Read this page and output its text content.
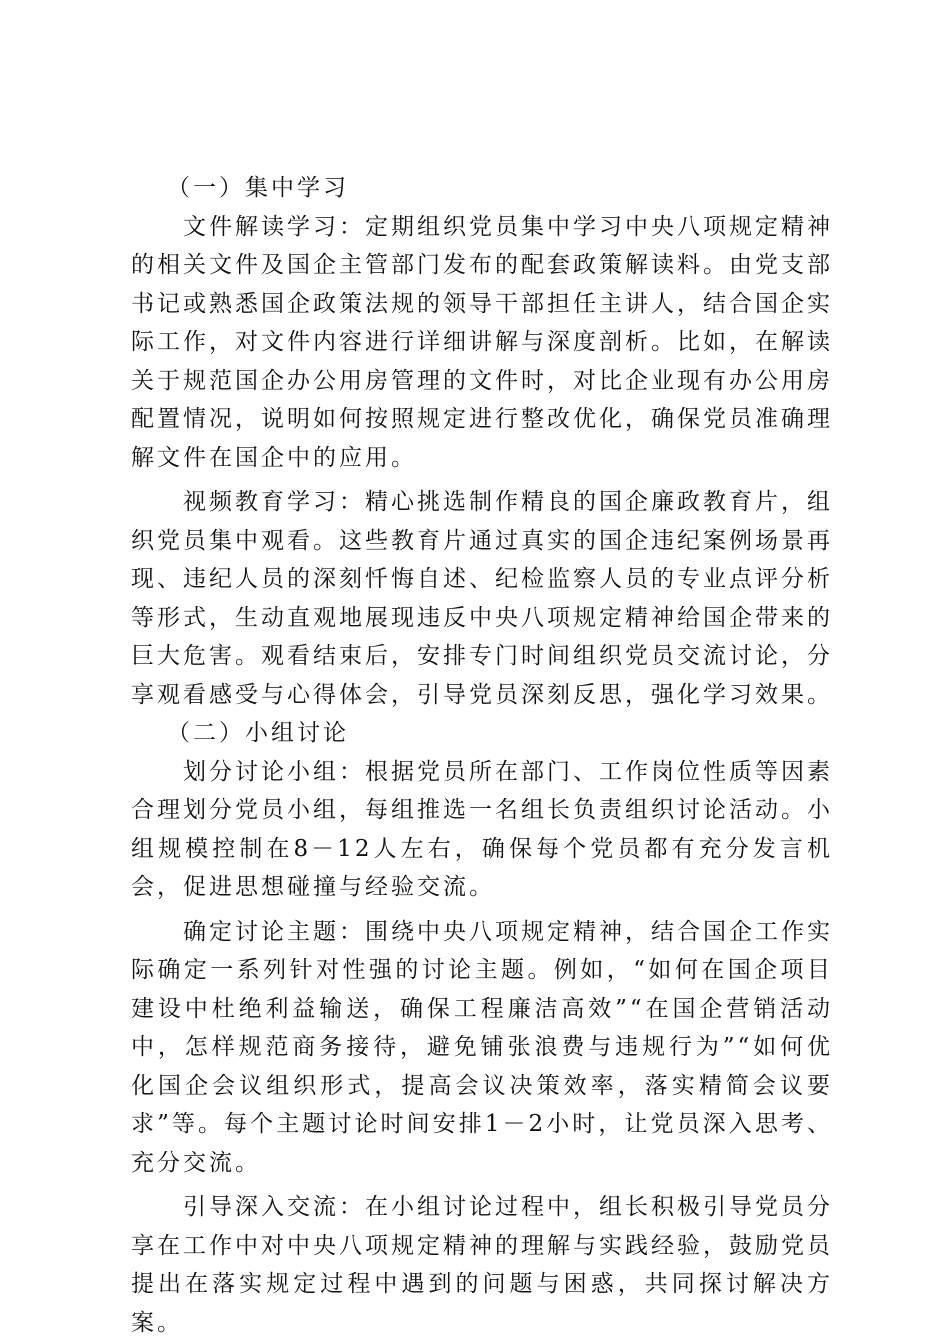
（一）集中学习

文件解读学习：定期组织党员集中学习中央八项规定精神的相关文件及国企主管部门发布的配套政策解读料。由党支部书记或熟悉国企政策法规的领导干部担任主讲人，结合国企实际工作，对文件内容进行详细讲解与深度剖析。比如，在解读关于规范国企办公用房管理的文件时，对比企业现有办公用房配置情况，说明如何按照规定进行整改优化，确保党员准确理解文件在国企中的应用。

视频教育学习：精心挑选制作精良的国企廉政教育片，组织党员集中观看。这些教育片通过真实的国企违纪案例场景再现、违纪人员的深刻忏悔自述、纪检监察人员的专业点评分析等形式，生动直观地展现违反中央八项规定精神给国企带来的巨大危害。观看结束后，安排专门时间组织党员交流讨论，分享观看感受与心得体会，引导党员深刻反思，强化学习效果。

（二）小组讨论

划分讨论小组：根据党员所在部门、工作岗位性质等因素合理划分党员小组，每组推选一名组长负责组织讨论活动。小组规模控制在8－12人左右，确保每个党员都有充分发言机会，促进思想碰撞与经验交流。

确定讨论主题：围绕中央八项规定精神，结合国企工作实际确定一系列针对性强的讨论主题。例如，“如何在国企项目建设中杜绝利益输送，确保工程廉洁高效”“在国企营销活动中，怎样规范商务接待，避免铺张浪费与违规行为”“如何优化国企会议组织形式，提高会议决策效率，落实精简会议要求”等。每个主题讨论时间安排1－2小时，让党员深入思考、充分交流。

引导深入交流：在小组讨论过程中，组长积极引导党员分享在工作中对中央八项规定精神的理解与实践经验，鼓励党员提出在落实规定过程中遇到的问题与困惑，共同探讨解决方案。
